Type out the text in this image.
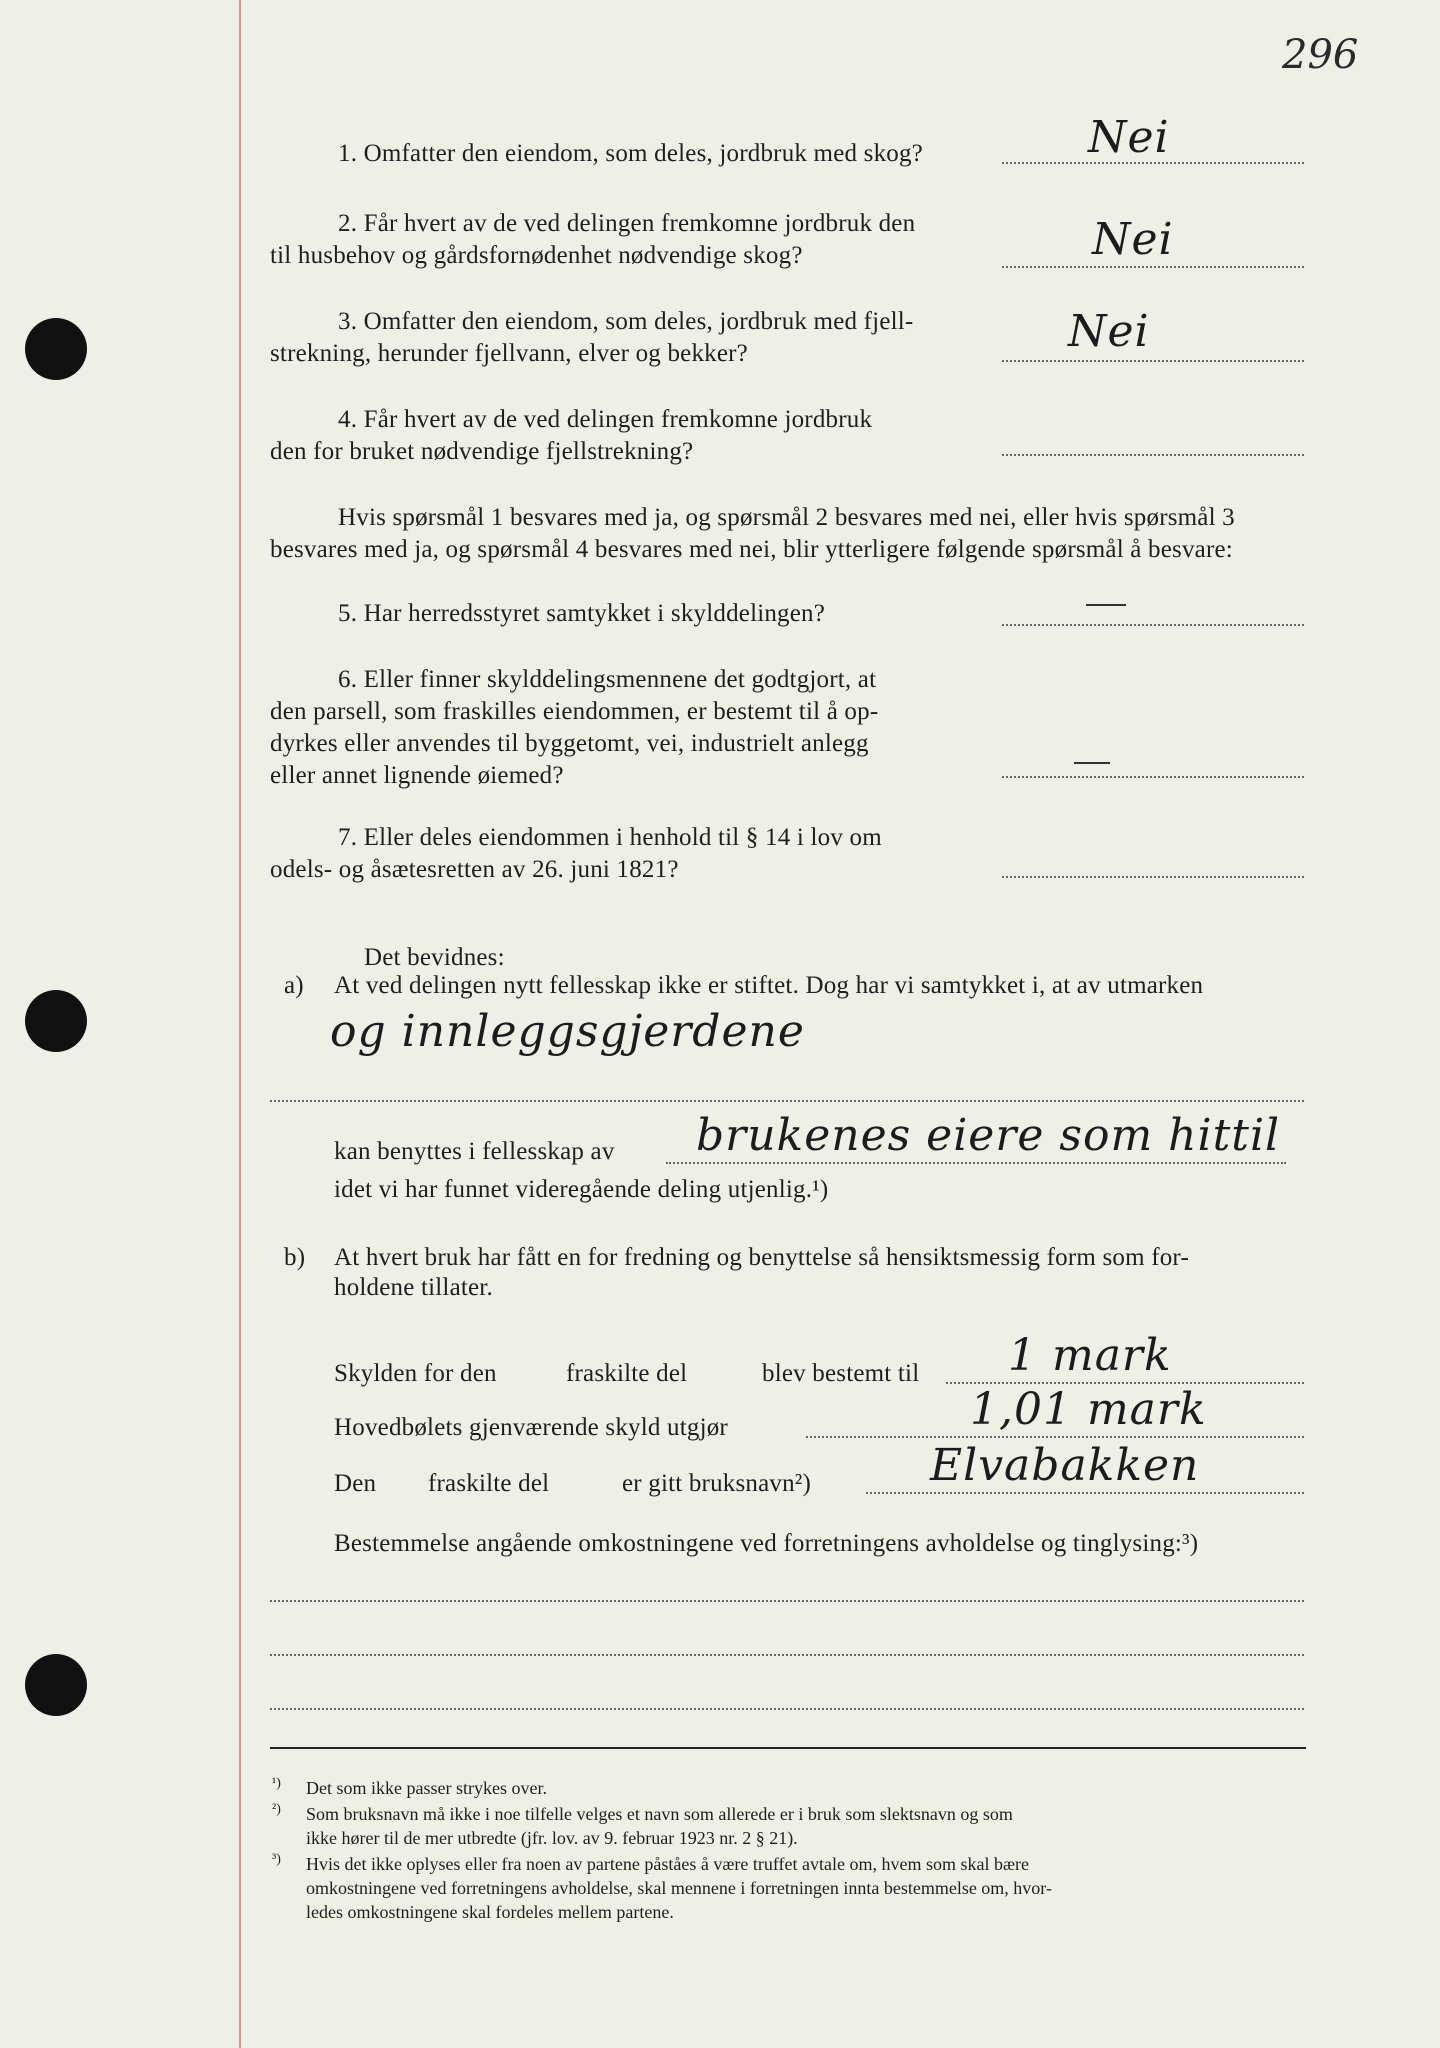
296
1. Omfatter den eiendom, som deles, jordbruk med skog?	Nei
2. Får hvert av de ved delingen fremkomne jordbruk den
til husbehov og gårdsfornødenhet nødvendige skog?	Nei
3. Omfatter den eiendom, som deles, jordbruk med fjell-
strekning, herunder fjellvann, elver og bekker?	Nei
4. Får hvert av de ved delingen fremkomne jordbruk
den for bruket nødvendige fjellstrekning?
Hvis spørsmål 1 besvares med ja, og spørsmål 2 besvares med nei, eller hvis spørsmål 3
besvares med ja, og spørsmål 4 besvares med nei, blir ytterligere følgende spørsmål å besvare:
5. Har herredsstyret samtykket i skylddelingen?
6. Eller finner skylddelingsmennene det godtgjort, at
den parsell, som fraskilles eiendommen, er bestemt til å op-
dyrkes eller anvendes til byggetomt, vei, industrielt anlegg
eller annet lignende øiemed?
7. Eller deles eiendommen i henhold til § 14 i lov om
odels- og åsætesretten av 26. juni 1821?
Det bevidnes:
a) At ved delingen nytt fellesskap ikke er stiftet. Dog har vi samtykket i, at av utmarken
og innleggsgjerdene
kan benyttes i fellesskap av brukenes eiere som hittil
idet vi har funnet videregående deling utjenlig.¹)
b) At hvert bruk har fått en for fredning og benyttelse så hensiktsmessig form som for-
holdene tillater.
Skylden for den	fraskilte del	blev bestemt til 1 mark
Hovedbølets gjenværende skyld utgjør	1,01 mark
Den fraskilte del	er gitt bruksnavn²)	Elvabakken
Bestemmelse angående omkostningene ved forretningens avholdelse og tinglysing:³)
¹) Det som ikke passer strykes over.
²) Som bruksnavn må ikke i noe tilfelle velges et navn som allerede er i bruk som slektsnavn og som
ikke hører til de mer utbredte (jfr. lov. av 9. februar 1923 nr. 2 § 21).
³) Hvis det ikke oplyses eller fra noen av partene påståes å være truffet avtale om, hvem som skal bære
omkostningene ved forretningens avholdelse, skal mennene i forretningen innta bestemmelse om, hvor-
ledes omkostningene skal fordeles mellem partene.
